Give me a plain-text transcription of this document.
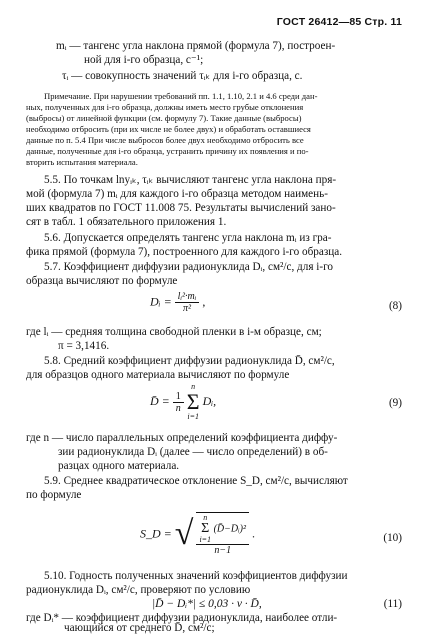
ГОСТ 26412—85 Стр. 11
mᵢ — тангенс угла наклона прямой (формула 7), построен-
ной для i-го образца, с⁻¹;
τᵢ — совокупность значений τᵢₖ для i-го образца, с.
Примечание. При нарушении требований пп. 1.1, 1.10, 2.1 и 4.6 среди дан-
ных, полученных для i-го образца, должны иметь место грубые отклонения
(выбросы) от линейной функции (см. формулу 7). Такие данные (выбросы)
необходимо отбросить (при их числе не более двух) и обработать оставшиеся
данные по п. 5.4 При числе выбросов более двух необходимо отбросить все
данные, полученные для i-го образца, устранить причину их появления и по-
вторить испытания материала.
5.5. По точкам lnyᵢₖ, τᵢₖ вычисляют тангенс угла наклона пря-
мой (формула 7) mᵢ для каждого i-го образца методом наимень-
ших квадратов по ГОСТ 11.008 75. Результаты вычислений зано-
сят в табл. 1 обязательного приложения 1.
5.6. Допускается определять тангенс угла наклона mᵢ из гра-
фика прямой (формула 7), построенного для каждого i-го образца.
5.7. Коэффициент диффузии радионуклида Dᵢ, см²/с, для i-го
образца вычисляют по формуле
Dᵢ = $\frac{\text{lᵢ²·mᵢ}}{\text{π²}}$ ,	(8)
где lᵢ — средняя толщина свободной пленки в i-м образце, см;
π = 3,1416.
5.8. Средний коэффициент диффузии радионуклида D̄, см²/с,
для образцов одного материала вычисляют по формуле
D̄ = $\frac{1}{n}$

n
Σ
i=1
Dᵢ,	(9)
где n — число параллельных определений коэффициента диффу-
зии радионуклида Dᵢ (далее — число определений) в об-
разцах одного материала.
5.9. Среднее квадратическое отклонение S_D, см²/с, вычисляют
по формуле
S_D = √ n
Σ
i=1
(D̄−Dᵢ)²
n−1 .	(10)
5.10. Годность полученных значений коэффициентов диффузии
радионуклида Dᵢ, см²/с, проверяют по условию
|D̄ − Dᵢ*| ≤ 0,03 · ν · D̄,	(11)
где Dᵢ* — коэффициент диффузии радионуклида, наиболее отли-
чающийся от среднего D̄, см²/с;
